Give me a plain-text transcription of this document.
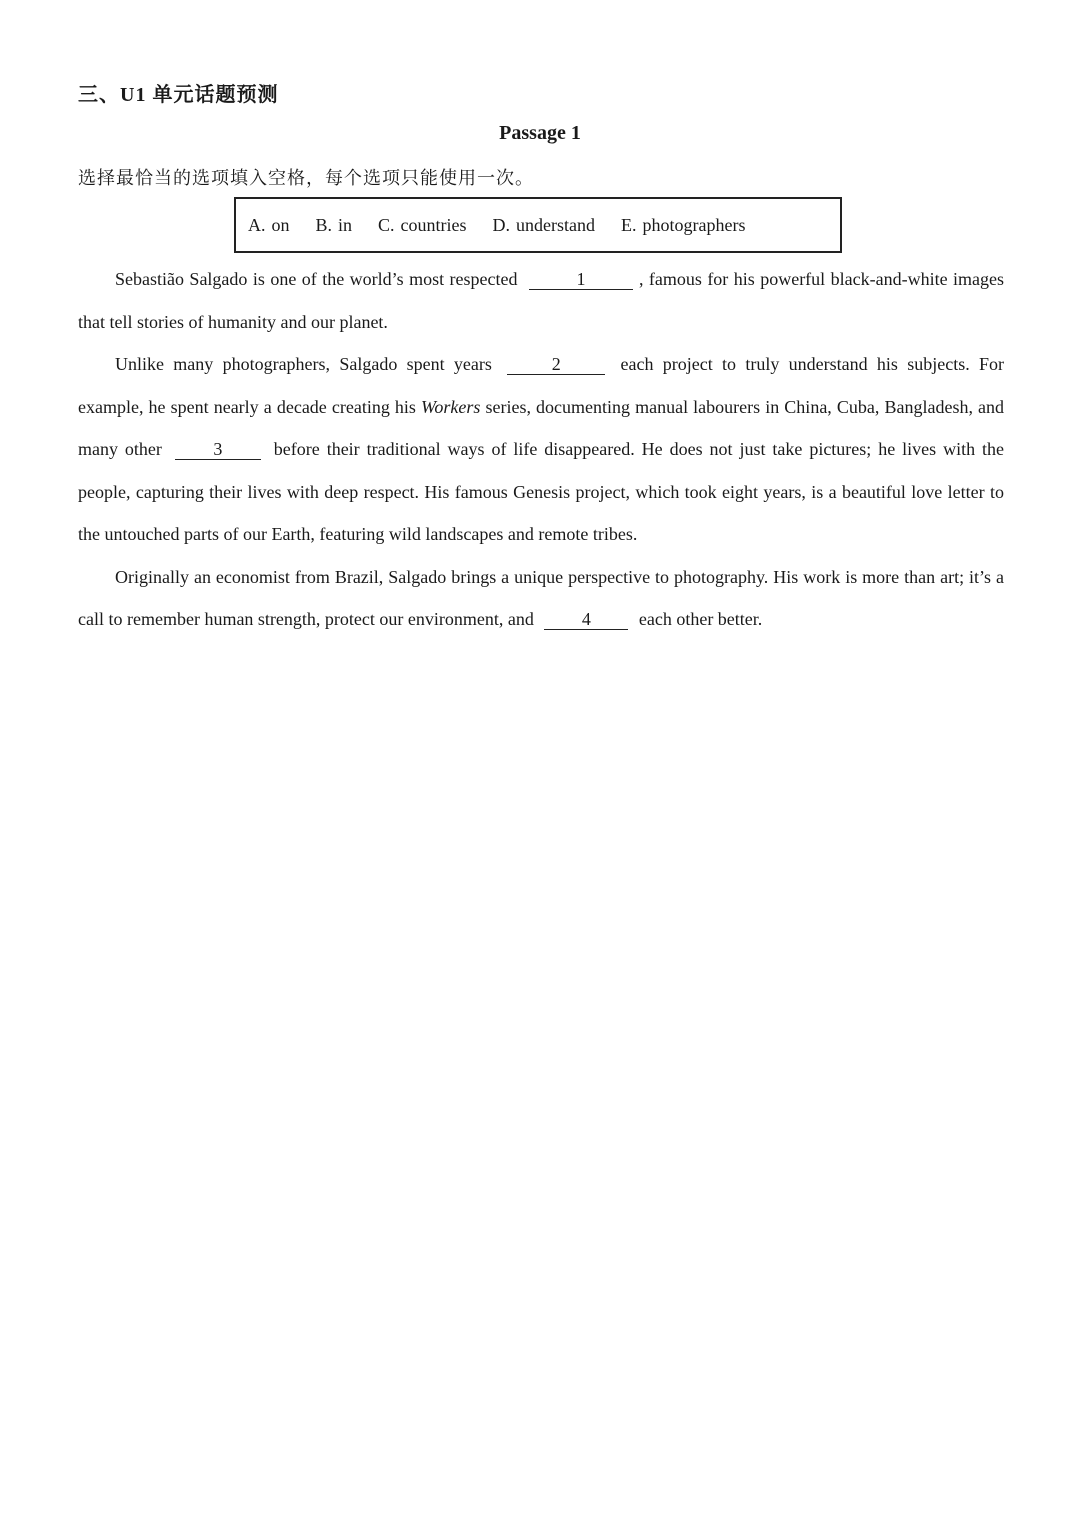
三、U1 单元话题预测
Passage 1
选择最恰当的选项填入空格，每个选项只能使用一次。
A. on B. in C. countries D. understand E. photographers

Sebastião Salgado is one of the world’s most respected	1	, famous for his powerful black-and-white images that tell stories of humanity and our planet.

Unlike many photographers, Salgado spent years	2	each project to truly understand his subjects. For example, he spent nearly a decade creating his Workers series, documenting manual labourers in China, Cuba, Bangladesh, and many other	3	before their traditional ways of life disappeared. He does not just take pictures; he lives with the people, capturing their lives with deep respect. His famous Genesis project, which took eight years, is a beautiful love letter to the untouched parts of our Earth, featuring wild landscapes and remote tribes.

Originally an economist from Brazil, Salgado brings a unique perspective to photography. His work is more than art; it’s a call to remember human strength, protect our environment, and	4	each other better.
